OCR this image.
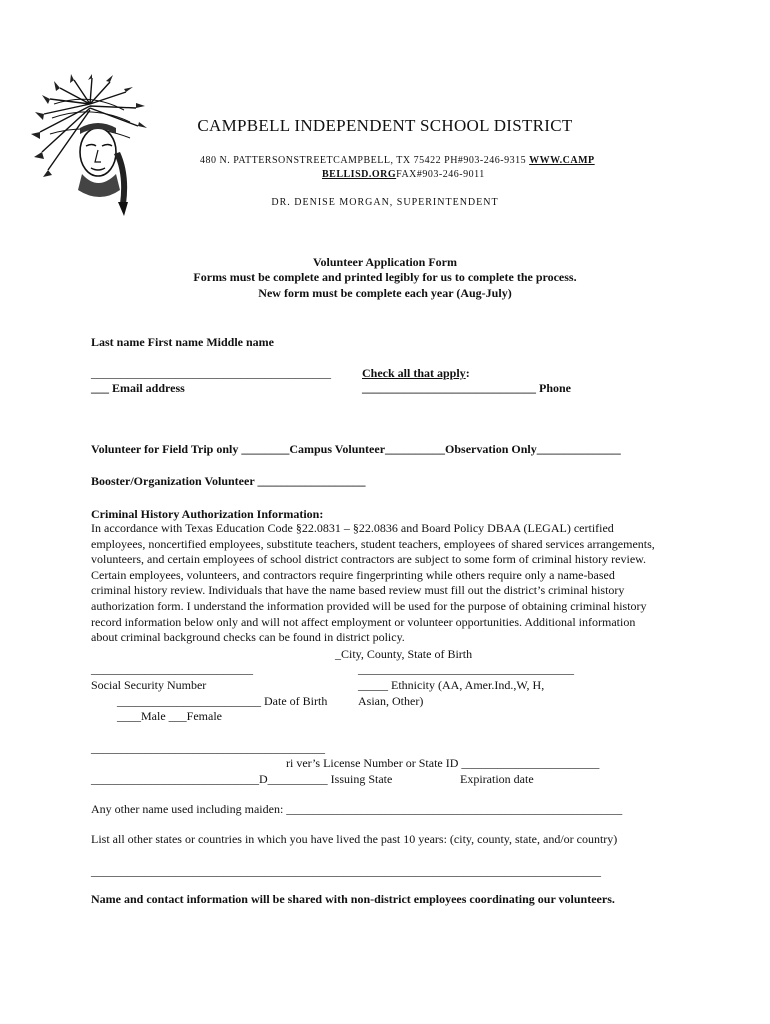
CAMPBELL INDEPENDENT SCHOOL DISTRICT
480 N. PATTERSONSTREETCAMPBELL, TX 75422 PH#903-246-9315 WWW.CAMP
BELLISD.ORGFAX#903-246-9011
DR. DENISE MORGAN, SUPERINTENDENT
Volunteer Application Form
Forms must be complete and printed legibly for us to complete the process.
New form must be complete each year (Aug-July)
Last name First name Middle name
________________________________________	Check all that apply:
___ Email address	_____________________________ Phone
Volunteer for Field Trip only ________Campus Volunteer__________Observation Only______________
Booster/Organization Volunteer __________________
Criminal History Authorization Information:
In accordance with Texas Education Code §22.0831 – §22.0836 and Board Policy DBAA (LEGAL) certified
employees, noncertified employees, substitute teachers, student teachers, employees of shared services arrangements,
volunteers, and certain employees of school district contractors are subject to some form of criminal history review.
Certain employees, volunteers, and contractors require fingerprinting while others require only a name-based
criminal history review. Individuals that have the name based review must fill out the district’s criminal history
authorization form. I understand the information provided will be used for the purpose of obtaining criminal history
record information below only and will not affect employment or volunteer opportunities. Additional information
about criminal background checks can be found in district policy.
_City, County, State of Birth
___________________________	____________________________________
Social Security Number	_____ Ethnicity (AA, Amer.Ind.,W, H,
________________________ Date of Birth	Asian, Other)
____Male ___Female
_______________________________________
ri ver’s License Number or State ID _______________________
____________________________D__________ Issuing State	Expiration date
Any other name used including maiden: ________________________________________________________
List all other states or countries in which you have lived the past 10 years: (city, county, state, and/or country)
_____________________________________________________________________________________
Name and contact information will be shared with non-district employees coordinating our volunteers.
